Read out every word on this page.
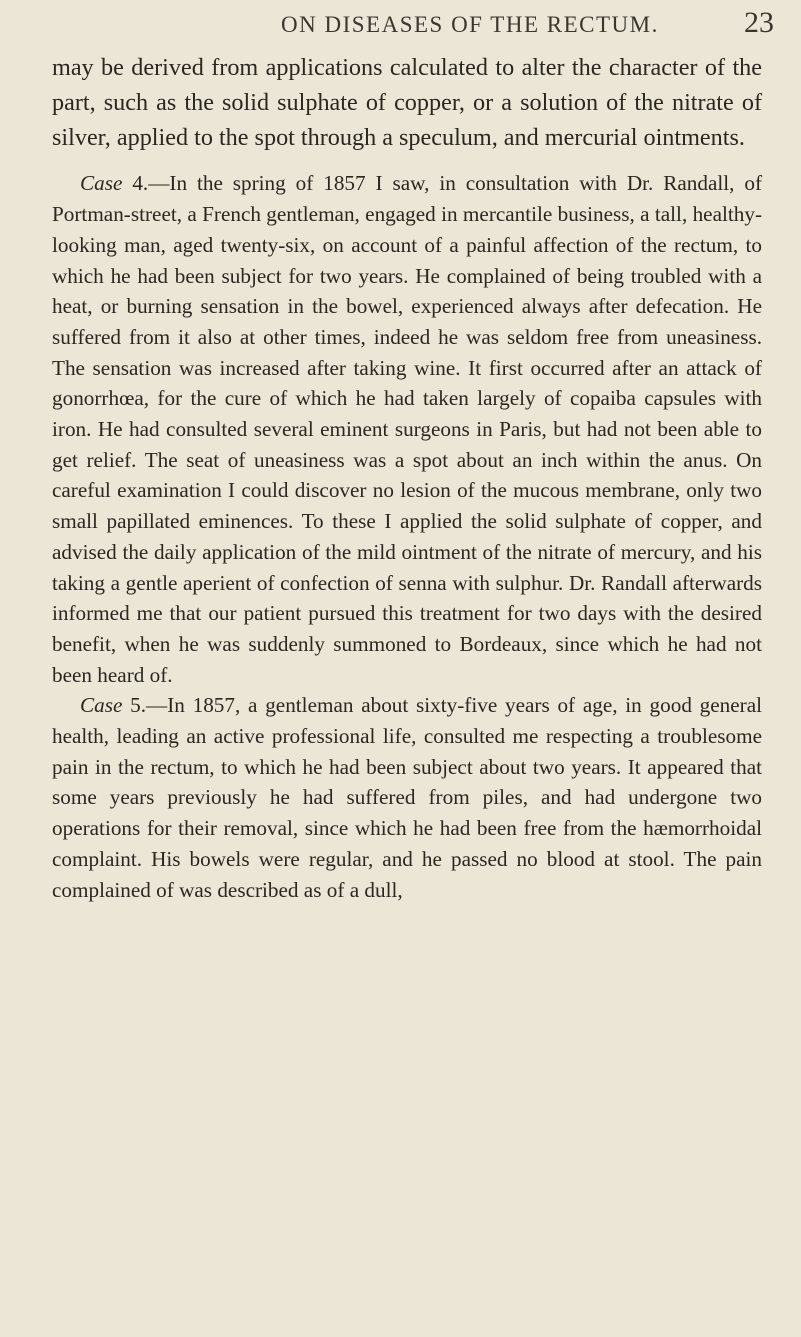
ON DISEASES OF THE RECTUM.	23

may be derived from applications calculated to alter the character of the part, such as the solid sulphate of copper, or a solution of the nitrate of silver, applied to the spot through a speculum, and mercurial ointments.

Case 4.—In the spring of 1857 I saw, in consultation with Dr. Randall, of Portman-street, a French gentleman, engaged in mercantile business, a tall, healthy-looking man, aged twenty-six, on account of a painful affection of the rectum, to which he had been subject for two years. He complained of being troubled with a heat, or burning sensation in the bowel, experienced always after defecation. He suffered from it also at other times, indeed he was seldom free from uneasiness. The sensation was increased after taking wine. It first occurred after an attack of gonorrhœa, for the cure of which he had taken largely of copaiba capsules with iron. He had consulted several eminent surgeons in Paris, but had not been able to get relief. The seat of uneasiness was a spot about an inch within the anus. On careful examination I could discover no lesion of the mucous membrane, only two small papillated eminences. To these I applied the solid sulphate of copper, and advised the daily application of the mild ointment of the nitrate of mercury, and his taking a gentle aperient of confection of senna with sulphur. Dr. Randall afterwards informed me that our patient pursued this treatment for two days with the desired benefit, when he was suddenly summoned to Bordeaux, since which he had not been heard of.

Case 5.—In 1857, a gentleman about sixty-five years of age, in good general health, leading an active professional life, consulted me respecting a troublesome pain in the rectum, to which he had been subject about two years. It appeared that some years previously he had suffered from piles, and had undergone two operations for their removal, since which he had been free from the hæmorrhoidal complaint. His bowels were regular, and he passed no blood at stool. The pain complained of was described as of a dull,
